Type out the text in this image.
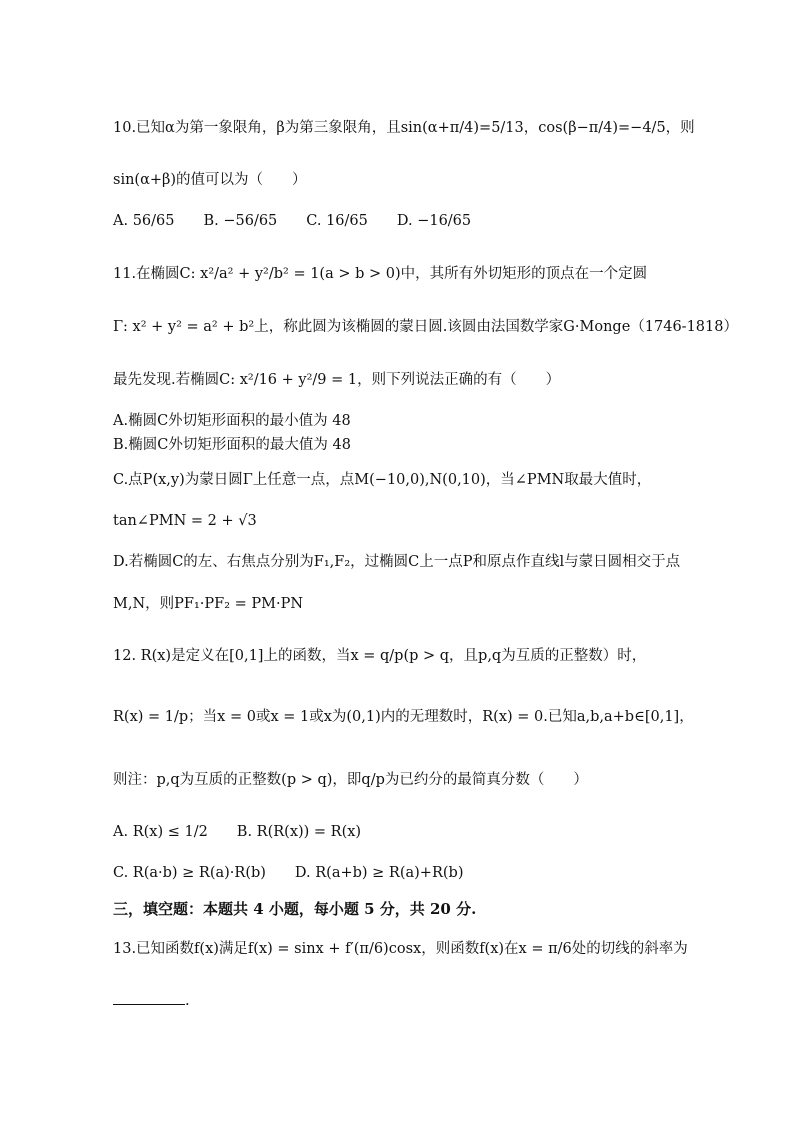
10.已知α为第一象限角，β为第三象限角，且sin(α+π/4)=5/13，cos(β−π/4)=−4/5，则
sin(α+β)的值可以为（　　）
A. 56/65　　B. −56/65　　C. 16/65　　D. −16/65
11.在椭圆C: x²/a² + y²/b² = 1(a > b > 0)中，其所有外切矩形的顶点在一个定圆
Γ: x² + y² = a² + b²上，称此圆为该椭圆的蒙日圆.该圆由法国数学家G·Monge（1746-1818）
最先发现.若椭圆C: x²/16 + y²/9 = 1，则下列说法正确的有（　　）
A.椭圆C外切矩形面积的最小值为 48
B.椭圆C外切矩形面积的最大值为 48
C.点P(x,y)为蒙日圆Γ上任意一点，点M(−10,0),N(0,10)，当∠PMN取最大值时，
tan∠PMN = 2 + √3
D.若椭圆C的左、右焦点分别为F₁,F₂，过椭圆C上一点P和原点作直线l与蒙日圆相交于点
M,N，则PF₁·PF₂ = PM·PN
12. R(x)是定义在[0,1]上的函数，当x = q/p(p > q，且p,q为互质的正整数）时，
R(x) = 1/p；当x = 0或x = 1或x为(0,1)内的无理数时，R(x) = 0.已知a,b,a+b∈[0,1]，
则注：p,q为互质的正整数(p > q)，即q/p为已约分的最简真分数（　　）
A. R(x) ≤ 1/2　　B. R(R(x)) = R(x)
C. R(a·b) ≥ R(a)·R(b)　　D. R(a+b) ≥ R(a)+R(b)
三，填空题：本题共 4 小题，每小题 5 分，共 20 分.
13.已知函数f(x)满足f(x) = sinx + f′(π/6)cosx，则函数f(x)在x = π/6处的切线的斜率为
.
